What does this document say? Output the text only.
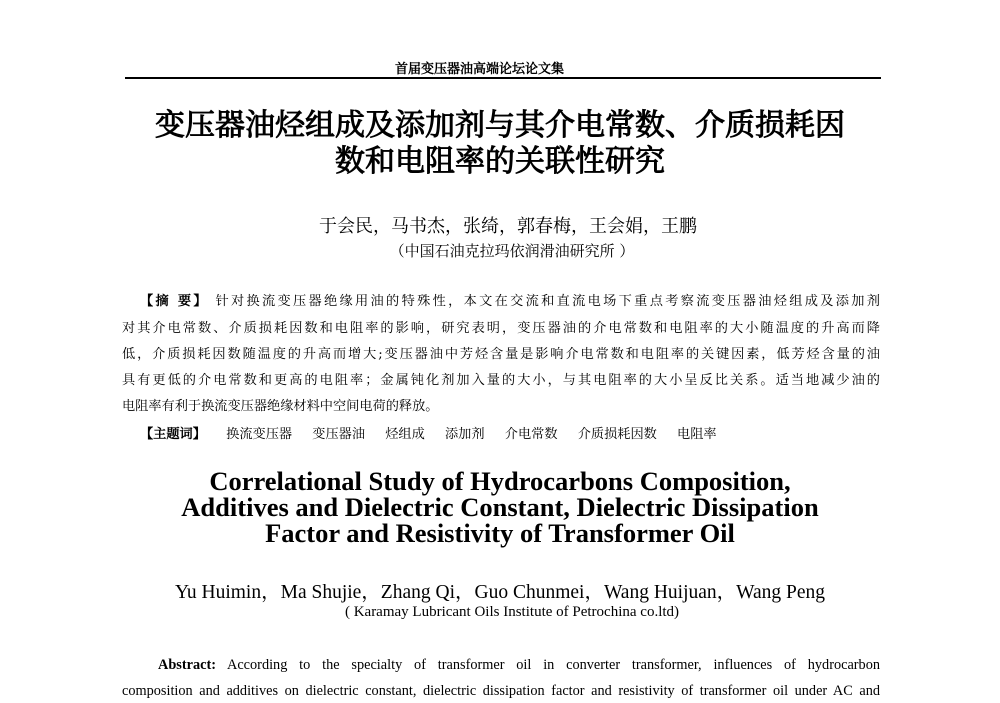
首届变压器油高端论坛论文集
变压器油烃组成及添加剂与其介电常数、介质损耗因
数和电阻率的关联性研究
于会民，马书杰，张绮，郭春梅，王会娟，王鹏
（中国石油克拉玛依润滑油研究所 ）
【摘 要】 针对换流变压器绝缘用油的特殊性，本文在交流和直流电场下重点考察流变压器油烃组成及添加剂
对其介电常数、介质损耗因数和电阻率的影响，研究表明，变压器油的介电常数和电阻率的大小随温度的升高而降
低，介质损耗因数随温度的升高而增大;变压器油中芳烃含量是影响介电常数和电阻率的关键因素，低芳烃含量的油
具有更低的介电常数和更高的电阻率；金属钝化剂加入量的大小，与其电阻率的大小呈反比关系。适当地减少油的
电阻率有利于换流变压器绝缘材料中空间电荷的释放。
【主题词】 换流变压器 变压器油 烃组成 添加剂 介电常数 介质损耗因数 电阻率
Correlational Study of Hydrocarbons Composition,
Additives and Dielectric Constant, Dielectric Dissipation
Factor and Resistivity of Transformer Oil
Yu Huimin，Ma Shujie，Zhang Qi，Guo Chunmei，Wang Huijuan，Wang Peng
( Karamay Lubricant Oils Institute of Petrochina co.ltd)
Abstract: According to the specialty of transformer oil in converter transformer, influences of hydrocarbon
composition and additives on dielectric constant, dielectric dissipation factor and resistivity of transformer oil under AC and
